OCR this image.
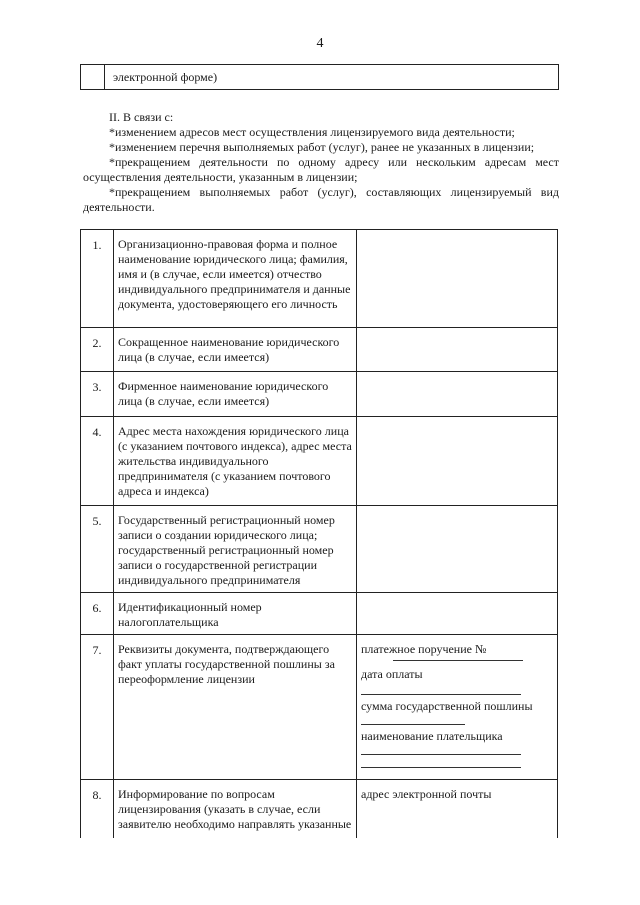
4
электронной форме)

II. В связи с:

*изменением адресов мест осуществления лицензируемого вида деятельности;

*изменением перечня выполняемых работ (услуг), ранее не указанных в лицензии;

*прекращением деятельности по одному адресу или нескольким адресам мест осуществления деятельности, указанным в лицензии;

*прекращением выполняемых работ (услуг), составляющих лицензируемый вид деятельности.

1.	Организационно-правовая форма и полное наименование юридического лица; фамилия, имя и (в случае, если имеется) отчество индивидуального предпринимателя и данные документа, удостоверяющего его личность	
2.	Сокращенное наименование юридического лица (в случае, если имеется)	
3.	Фирменное наименование юридического лица (в случае, если имеется)	
4.	Адрес места нахождения юридического лица (с указанием почтового индекса), адрес места жительства индивидуального предпринимателя (с указанием почтового адреса и индекса)	
5.	Государственный регистрационный номер записи о создании юридического лица; государственный регистрационный номер записи о государственной регистрации индивидуального предпринимателя	
6.	Идентификационный номер налогоплательщика	
7.	Реквизиты документа, подтверждающего факт уплаты государственной пошлины за переоформление лицензии	платежное поручение №

дата оплаты

сумма государственной пошлины

наименование плательщика

8.	Информирование по вопросам лицензирования (указать в случае, если заявителю необходимо направлять указанные	адрес электронной почты
